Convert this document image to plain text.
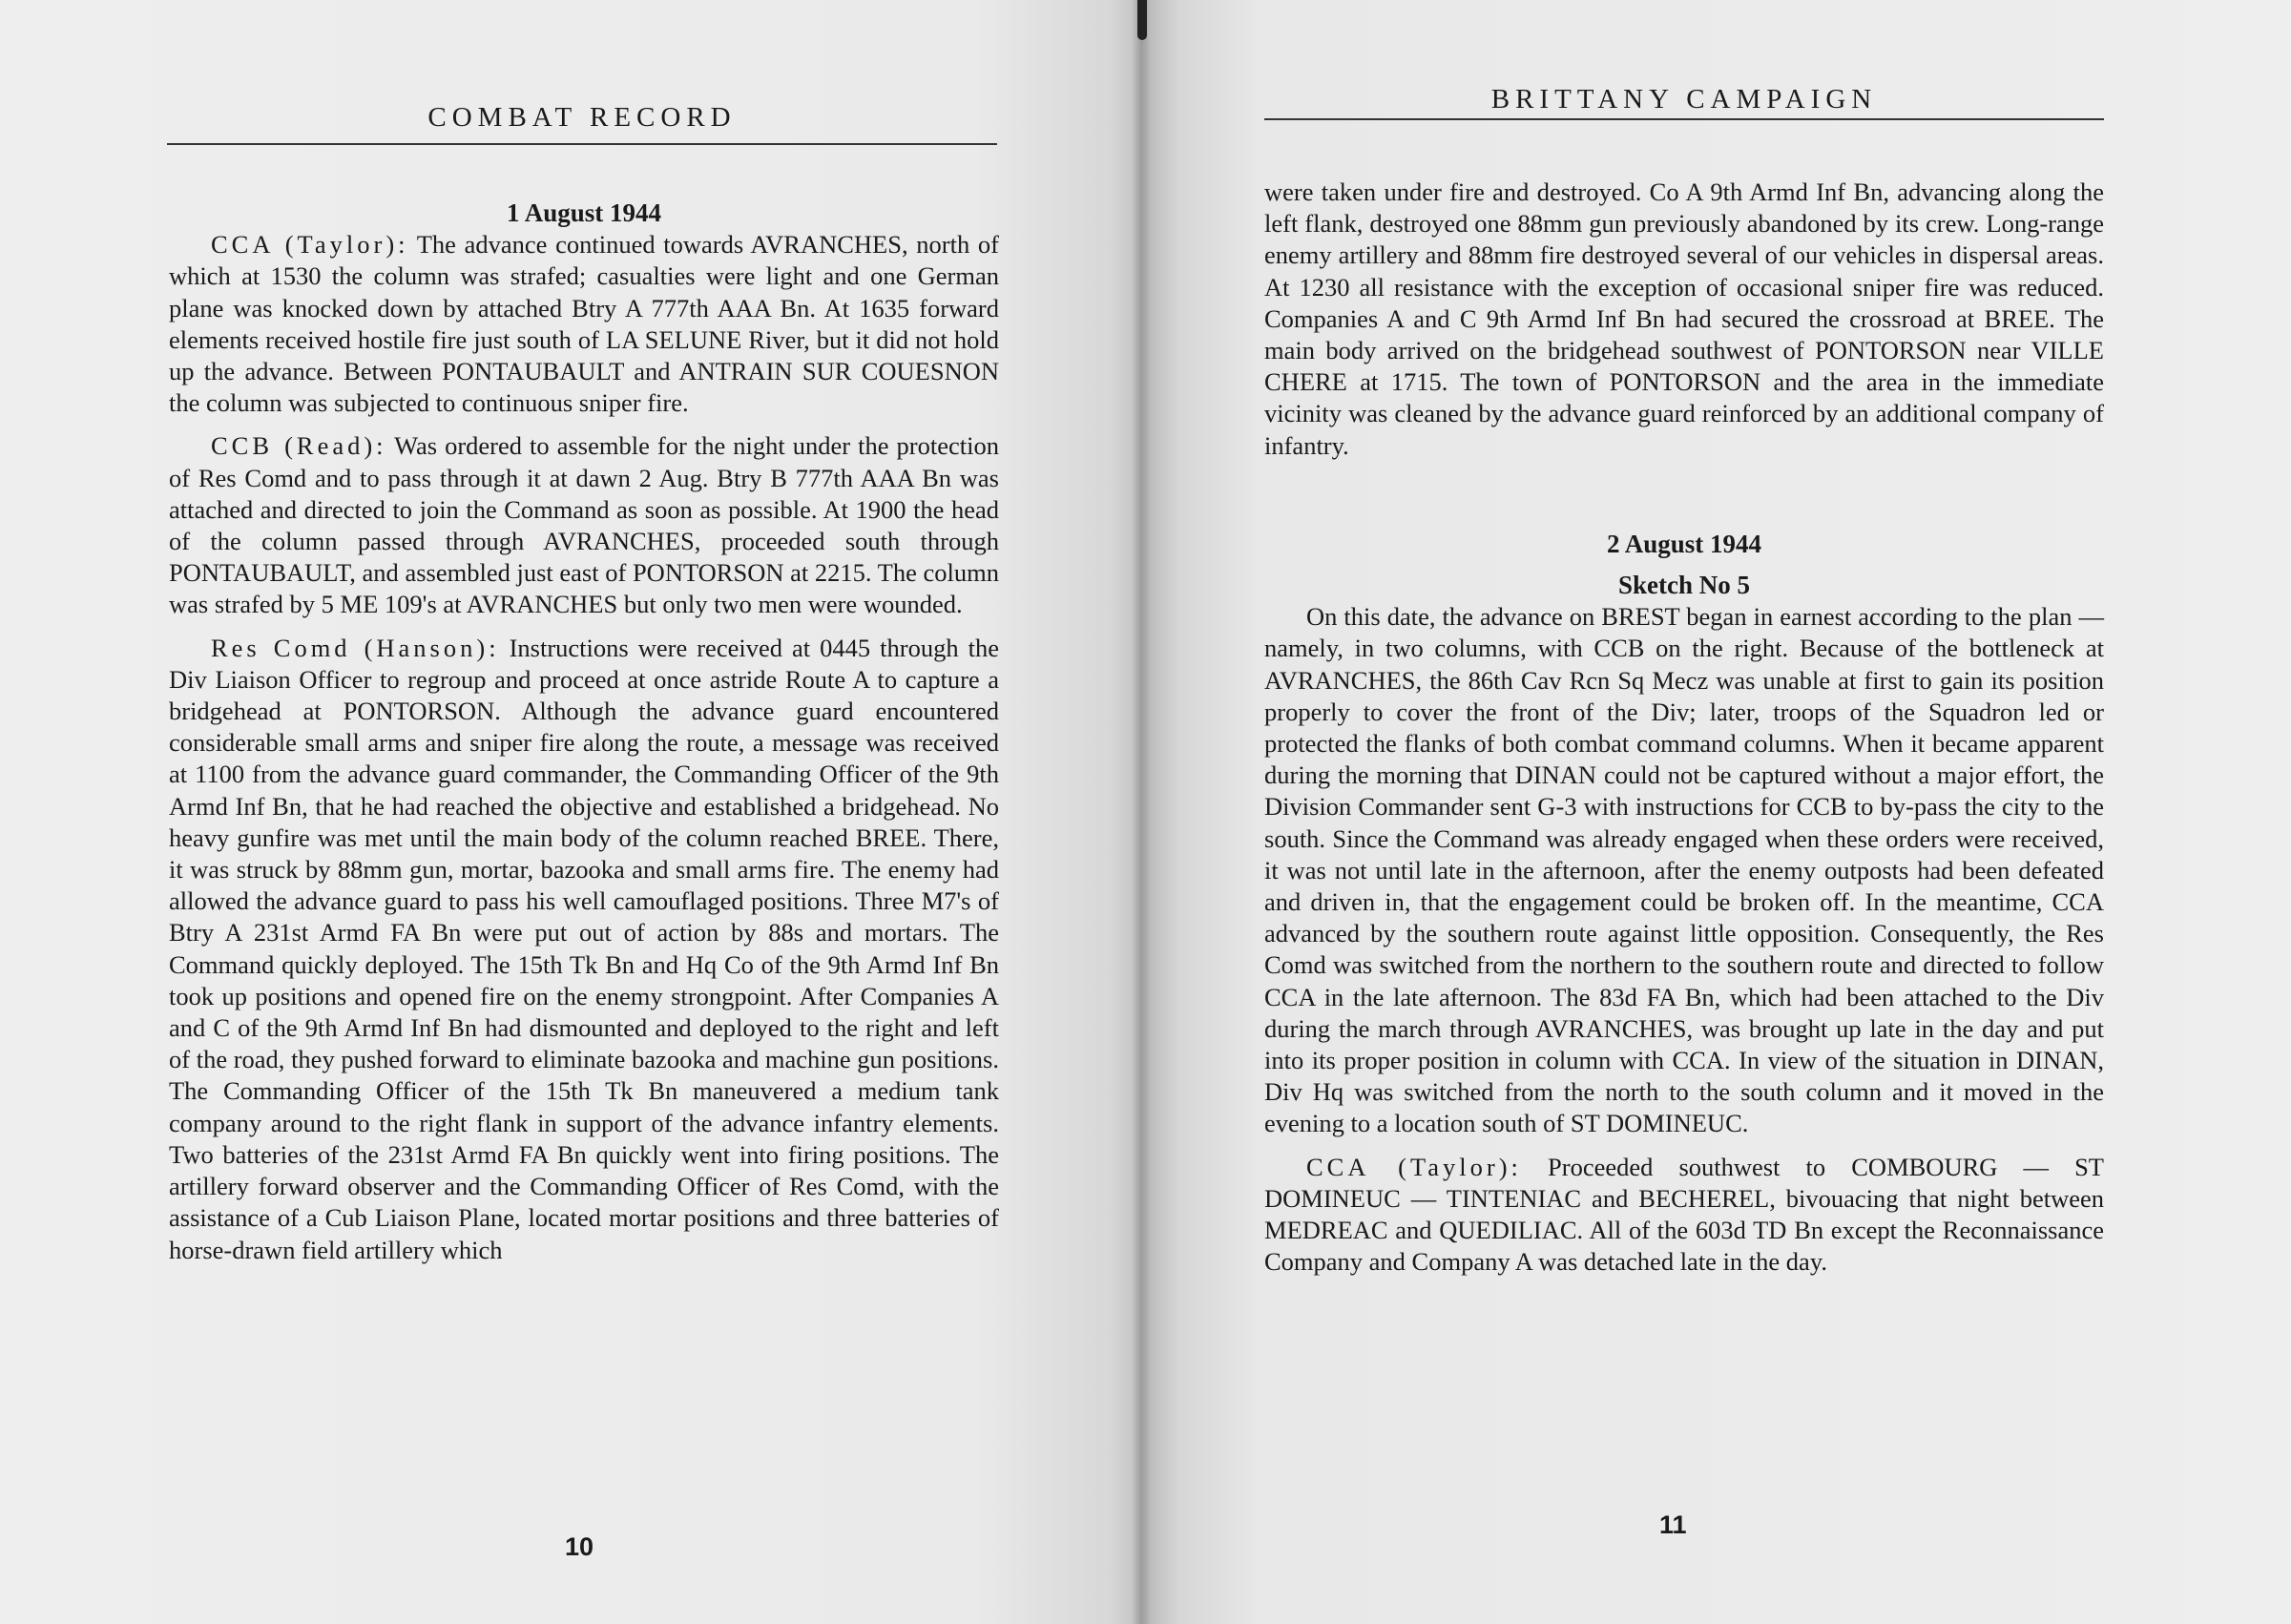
COMBAT RECORD

1 August 1944

CCA (Taylor): The advance continued towards AVRANCHES, north of which at 1530 the column was strafed; casualties were light and one German plane was knocked down by attached Btry A 777th AAA Bn. At 1635 forward elements received hostile fire just south of LA SELUNE River, but it did not hold up the advance. Between PONTAUBAULT and ANTRAIN SUR COUESNON the column was subjected to continuous sniper fire.

CCB (Read): Was ordered to assemble for the night under the protection of Res Comd and to pass through it at dawn 2 Aug. Btry B 777th AAA Bn was attached and directed to join the Command as soon as possible. At 1900 the head of the column passed through AVRANCHES, proceeded south through PONTAUBAULT, and assembled just east of PONTORSON at 2215. The column was strafed by 5 ME 109's at AVRANCHES but only two men were wounded.

Res Comd (Hanson): Instructions were received at 0445 through the Div Liaison Officer to regroup and proceed at once astride Route A to capture a bridgehead at PONTORSON. Although the advance guard encountered considerable small arms and sniper fire along the route, a message was received at 1100 from the advance guard commander, the Commanding Officer of the 9th Armd Inf Bn, that he had reached the objective and established a bridgehead. No heavy gunfire was met until the main body of the column reached BREE. There, it was struck by 88mm gun, mortar, bazooka and small arms fire. The enemy had allowed the advance guard to pass his well camouflaged positions. Three M7's of Btry A 231st Armd FA Bn were put out of action by 88s and mortars. The Command quickly deployed. The 15th Tk Bn and Hq Co of the 9th Armd Inf Bn took up positions and opened fire on the enemy strongpoint. After Companies A and C of the 9th Armd Inf Bn had dismounted and deployed to the right and left of the road, they pushed forward to eliminate bazooka and machine gun positions. The Commanding Officer of the 15th Tk Bn maneuvered a medium tank company around to the right flank in support of the advance infantry elements. Two batteries of the 231st Armd FA Bn quickly went into firing positions. The artillery forward observer and the Commanding Officer of Res Comd, with the assistance of a Cub Liaison Plane, located mortar positions and three batteries of horse-drawn field artillery which

10
BRITTANY CAMPAIGN

were taken under fire and destroyed. Co A 9th Armd Inf Bn, advancing along the left flank, destroyed one 88mm gun previously abandoned by its crew. Long-range enemy artillery and 88mm fire destroyed several of our vehicles in dispersal areas. At 1230 all resistance with the exception of occasional sniper fire was reduced. Companies A and C 9th Armd Inf Bn had secured the crossroad at BREE. The main body arrived on the bridgehead southwest of PONTORSON near VILLE CHERE at 1715. The town of PONTORSON and the area in the immediate vicinity was cleaned by the advance guard reinforced by an additional company of infantry.

2 August 1944

Sketch No 5

On this date, the advance on BREST began in earnest according to the plan —namely, in two columns, with CCB on the right. Because of the bottleneck at AVRANCHES, the 86th Cav Rcn Sq Mecz was unable at first to gain its position properly to cover the front of the Div; later, troops of the Squadron led or protected the flanks of both combat command columns. When it became apparent during the morning that DINAN could not be captured without a major effort, the Division Commander sent G-3 with instructions for CCB to by-pass the city to the south. Since the Command was already engaged when these orders were received, it was not until late in the afternoon, after the enemy outposts had been defeated and driven in, that the engagement could be broken off. In the meantime, CCA advanced by the southern route against little opposition. Consequently, the Res Comd was switched from the northern to the southern route and directed to follow CCA in the late afternoon. The 83d FA Bn, which had been attached to the Div during the march through AVRANCHES, was brought up late in the day and put into its proper position in column with CCA. In view of the situation in DINAN, Div Hq was switched from the north to the south column and it moved in the evening to a location south of ST DOMINEUC.

CCA (Taylor): Proceeded southwest to COMBOURG — ST DOMINEUC — TINTENIAC and BECHEREL, bivouacing that night between MEDREAC and QUEDILIAC. All of the 603d TD Bn except the Reconnaissance Company and Company A was detached late in the day.

11
